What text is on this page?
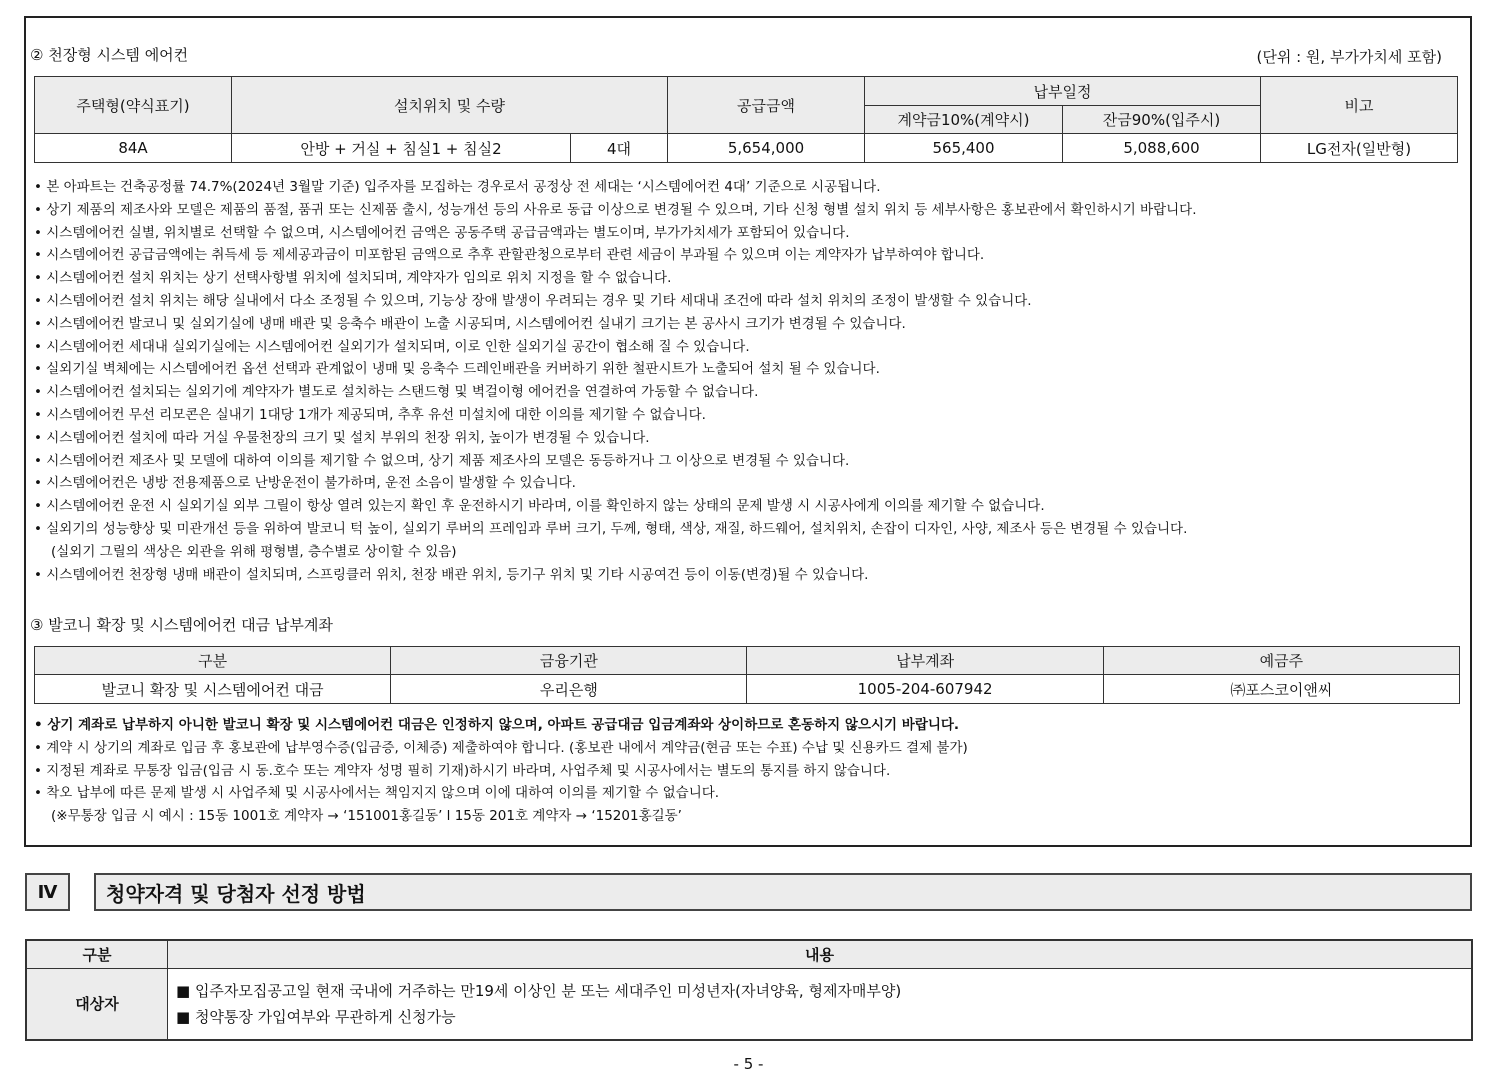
② 천장형 시스템 에어컨	(단위 : 원, 부가가치세 포함)
주택형(약식표기)	설치위치 및 수량		공급금액	납부일정		비고
				계약금10%(계약시)	잔금90%(입주시)	
84A	안방 + 거실 + 침실1 + 침실2	4대	5,654,000	565,400	5,088,600	LG전자(일반형)
• 본 아파트는 건축공정률 74.7%(2024년 3월말 기준) 입주자를 모집하는 경우로서 공정상 전 세대는 ‘시스템에어컨 4대’ 기준으로 시공됩니다.
• 상기 제품의 제조사와 모델은 제품의 품절, 품귀 또는 신제품 출시, 성능개선 등의 사유로 동급 이상으로 변경될 수 있으며, 기타 신청 형별 설치 위치 등 세부사항은 홍보관에서 확인하시기 바랍니다.
• 시스템에어컨 실별, 위치별로 선택할 수 없으며, 시스템에어컨 금액은 공동주택 공급금액과는 별도이며, 부가가치세가 포함되어 있습니다.
• 시스템에어컨 공급금액에는 취득세 등 제세공과금이 미포함된 금액으로 추후 관할관청으로부터 관련 세금이 부과될 수 있으며 이는 계약자가 납부하여야 합니다.
• 시스템에어컨 설치 위치는 상기 선택사항별 위치에 설치되며, 계약자가 임의로 위치 지정을 할 수 없습니다.
• 시스템에어컨 설치 위치는 해당 실내에서 다소 조정될 수 있으며, 기능상 장애 발생이 우려되는 경우 및 기타 세대내 조건에 따라 설치 위치의 조정이 발생할 수 있습니다.
• 시스템에어컨 발코니 및 실외기실에 냉매 배관 및 응축수 배관이 노출 시공되며, 시스템에어컨 실내기 크기는 본 공사시 크기가 변경될 수 있습니다.
• 시스템에어컨 세대내 실외기실에는 시스템에어컨 실외기가 설치되며, 이로 인한 실외기실 공간이 협소해 질 수 있습니다.
• 실외기실 벽체에는 시스템에어컨 옵션 선택과 관계없이 냉매 및 응축수 드레인배관을 커버하기 위한 철판시트가 노출되어 설치 될 수 있습니다.
• 시스템에어컨 설치되는 실외기에 계약자가 별도로 설치하는 스탠드형 및 벽걸이형 에어컨을 연결하여 가동할 수 없습니다.
• 시스템에어컨 무선 리모콘은 실내기 1대당 1개가 제공되며, 추후 유선 미설치에 대한 이의를 제기할 수 없습니다.
• 시스템에어컨 설치에 따라 거실 우물천장의 크기 및 설치 부위의 천장 위치, 높이가 변경될 수 있습니다.
• 시스템에어컨 제조사 및 모델에 대하여 이의를 제기할 수 없으며, 상기 제품 제조사의 모델은 동등하거나 그 이상으로 변경될 수 있습니다.
• 시스템에어컨은 냉방 전용제품으로 난방운전이 불가하며, 운전 소음이 발생할 수 있습니다.
• 시스템에어컨 운전 시 실외기실 외부 그릴이 항상 열려 있는지 확인 후 운전하시기 바라며, 이를 확인하지 않는 상태의 문제 발생 시 시공사에게 이의를 제기할 수 없습니다.
• 실외기의 성능향상 및 미관개선 등을 위하여 발코니 턱 높이, 실외기 루버의 프레임과 루버 크기, 두께, 형태, 색상, 재질, 하드웨어, 설치위치, 손잡이 디자인, 사양, 제조사 등은 변경될 수 있습니다.
(실외기 그릴의 색상은 외관을 위해 평형별, 층수별로 상이할 수 있음)
• 시스템에어컨 천장형 냉매 배관이 설치되며, 스프링클러 위치, 천장 배관 위치, 등기구 위치 및 기타 시공여건 등이 이동(변경)될 수 있습니다.
③ 발코니 확장 및 시스템에어컨 대금 납부계좌
구분	금융기관	납부계좌	예금주
발코니 확장 및 시스템에어컨 대금	우리은행	1005-204-607942	㈜포스코이앤씨
• 상기 계좌로 납부하지 아니한 발코니 확장 및 시스템에어컨 대금은 인정하지 않으며, 아파트 공급대금 입금계좌와 상이하므로 혼동하지 않으시기 바랍니다.
• 계약 시 상기의 계좌로 입금 후 홍보관에 납부영수증(입금증, 이체증) 제출하여야 합니다. (홍보관 내에서 계약금(현금 또는 수표) 수납 및 신용카드 결제 불가)
• 지정된 계좌로 무통장 입금(입금 시 동.호수 또는 계약자 성명 필히 기재)하시기 바라며, 사업주체 및 시공사에서는 별도의 통지를 하지 않습니다.
• 착오 납부에 따른 문제 발생 시 사업주체 및 시공사에서는 책임지지 않으며 이에 대하여 이의를 제기할 수 없습니다.
(※무통장 입금 시 예시 : 15동 1001호 계약자 → ‘151001홍길동’ l 15동 201호 계약자 → ‘15201홍길동’
Ⅳ	청약자격 및 당첨자 선정 방법
구분	내용
대상자	■ 입주자모집공고일 현재 국내에 거주하는 만19세 이상인 분 또는 세대주인 미성년자(자녀양육, 형제자매부양)
■ 청약통장 가입여부와 무관하게 신청가능
- 5 -
